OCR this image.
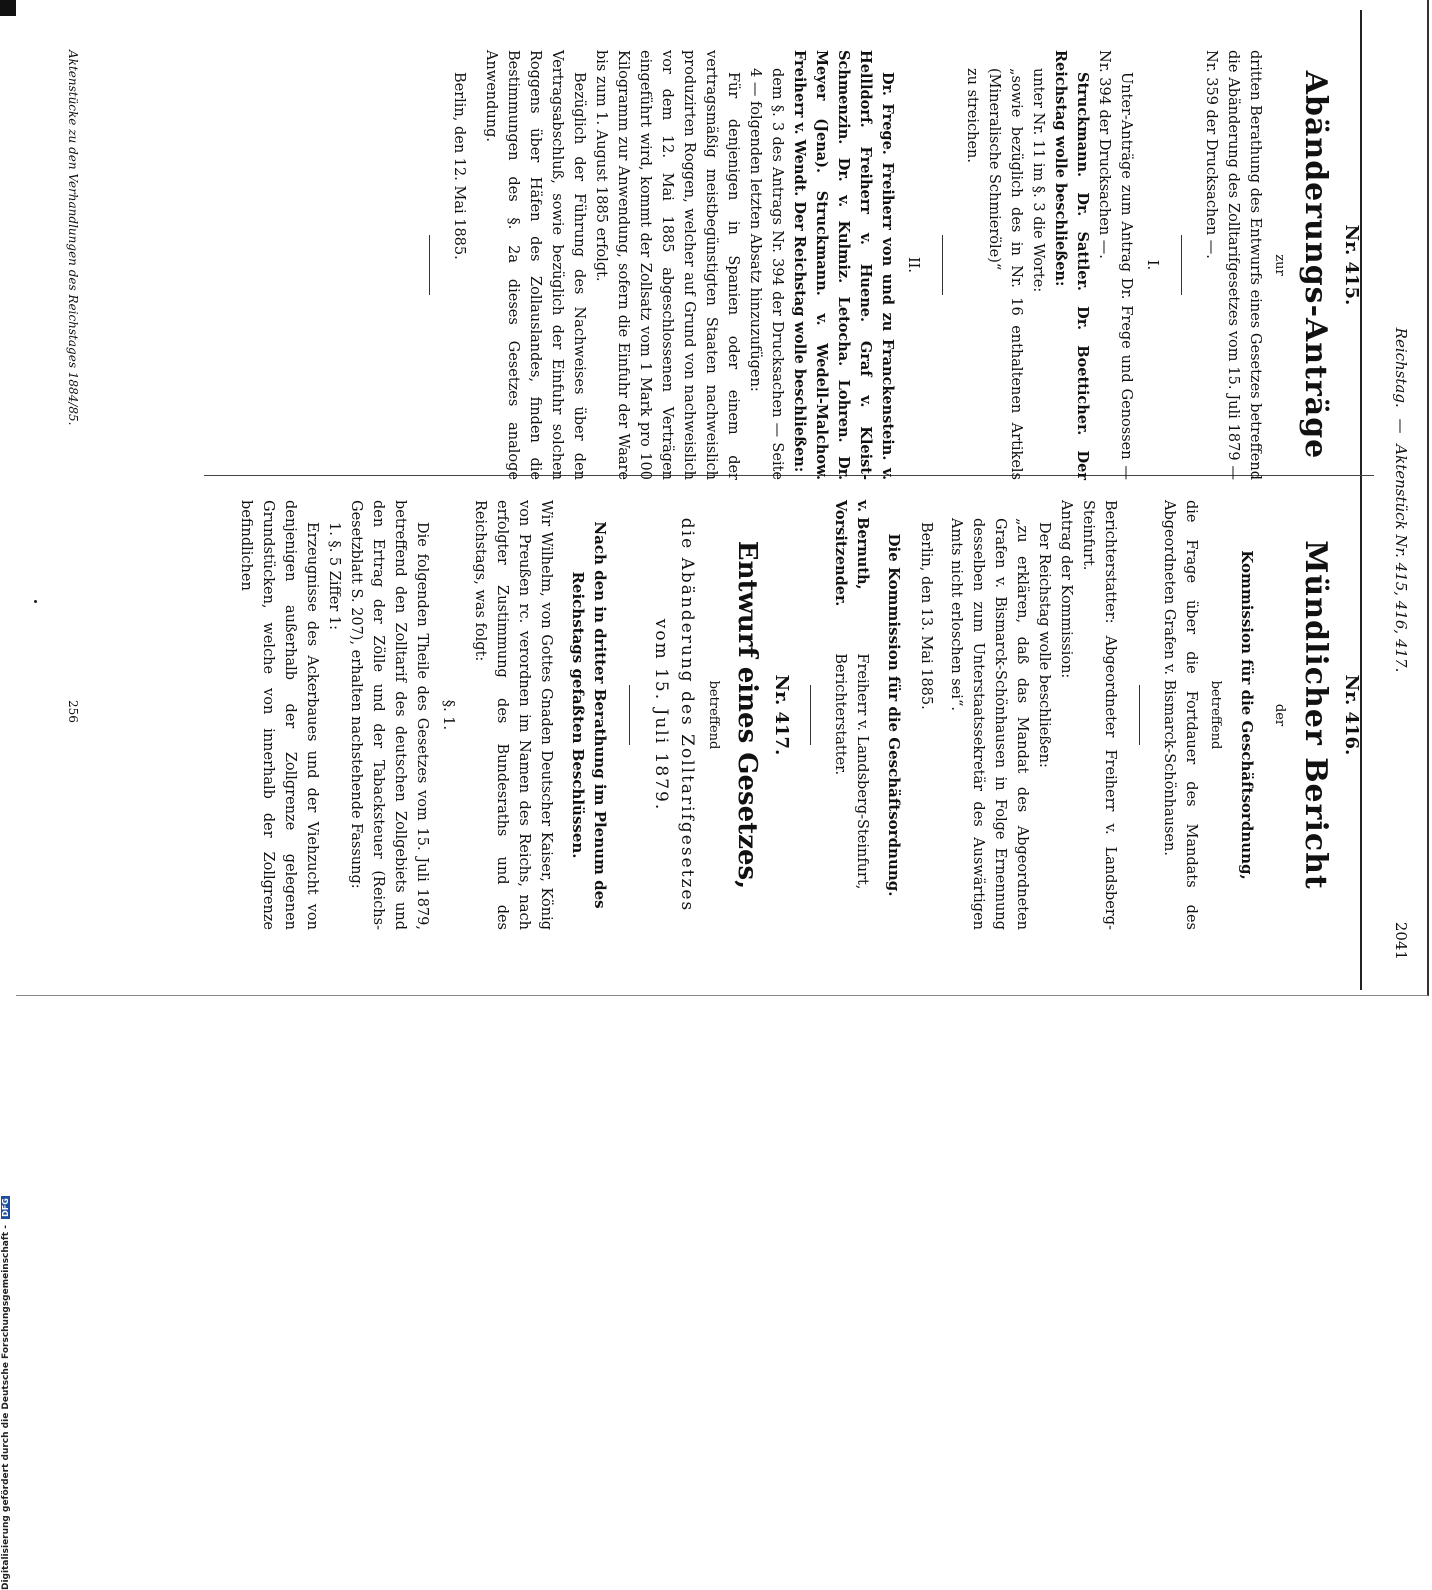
Digitalisierung gefördert durch die Deutsche Forschungsgemeinschaft - DFG
Reichstag. — Aktenstück Nr. 415, 416, 417.
2041
Nr. 415.
Abänderungs-Anträge
zur

dritten Berathung des Entwurfs eines Gesetzes betreffend die Abänderung des Zolltarifgesetzes vom 15. Juli 1879 — Nr. 359 der Drucksachen —.

I.

Unter-Anträge zum Antrag Dr. Frege und Genossen — Nr. 394 der Drucksachen —.

Struckmann. Dr. Sattler. Dr. Boetticher. Der Reichstag wolle beschließen:

unter Nr. 11 im §. 3 die Worte:

„sowie bezüglich des in Nr. 16 enthaltenen Artikels (Mineralische Schmieröle)“

zu streichen.

II.

Dr. Frege. Freiherr von und zu Franckenstein. v. Hellldorf. Freiherr v. Huene. Graf v. Kleist-Schmenzin. Dr. v. Kulmiz. Letocha. Lohren. Dr. Meyer (Jena). Struckmann. v. Wedell-Malchow. Freiherr v. Wendt. Der Reichstag wolle beschließen:

dem §. 3 des Antrags Nr. 394 der Drucksachen — Seite 4 — folgenden letzten Absatz hinzuzufügen:

Für denjenigen in Spanien oder einem der vertragsmäßig meistbegünstigten Staaten nachweislich produzirten Roggen, welcher auf Grund von nachweislich vor dem 12. Mai 1885 abgeschlossenen Verträgen eingeführt wird, kommt der Zollsatz vom 1 Mark pro 100 Kilogramm zur Anwendung, sofern die Einfuhr der Waare bis zum 1. August 1885 erfolgt.

Bezüglich der Führung des Nachweises über den Vertragsabschluß, sowie bezüglich der Einfuhr solchen Roggens über Häfen des Zollauslandes, finden die Bestimmungen des §. 2a dieses Gesetzes analoge Anwendung.

Berlin, den 12. Mai 1885.

Nr. 416.
Mündlicher Bericht
der
Kommission für die Geschäftsordnung,
betreffend

die Frage über die Fortdauer des Mandats des Abgeordneten Grafen v. Bismarck-Schönhausen.

Berichterstatter: Abgeordneter Freiherr v. Landsberg-Steinfurt.

Antrag der Kommission:

Der Reichstag wolle beschließen:

„zu erklären, daß das Mandat des Abgeordneten Grafen v. Bismarck-Schönhausen in Folge Ernennung desselben zum Unterstaatssekretär des Auswärtigen Amts nicht erloschen sei“.

Berlin, den 13. Mai 1885.

Die Kommission für die Geschäftsordnung.
v. Bernuth, Vorsitzender.
Freiherr v. Landsberg-Steinfurt, Berichterstatter.
Nr. 417.
Entwurf eines Gesetzes,
betreffend

die Abänderung des Zolltarifgesetzes vom 15. Juli 1879.

Nach den in dritter Berathung im Plenum des Reichstags gefaßten Beschlüssen.

Wir Wilhelm, von Gottes Gnaden Deutscher Kaiser, König von Preußen rc. verordnen im Namen des Reichs, nach erfolgter Zustimmung des Bundesraths und des Reichstags, was folgt:

§. 1.

Die folgenden Theile des Gesetzes vom 15. Juli 1879, betreffend den Zolltarif des deutschen Zollgebiets und den Ertrag der Zölle und der Tabacksteuer (Reichs-Gesetzblatt S. 207), erhalten nachstehende Fassung:

1. §. 5 Ziffer 1:

Erzeugnisse des Ackerbaues und der Viehzucht von denjenigen außerhalb der Zollgrenze gelegenen Grundstücken, welche von innerhalb der Zollgrenze befindlichen

Aktenstücke zu den Verhandlungen des Reichstages 1884/85.
256
